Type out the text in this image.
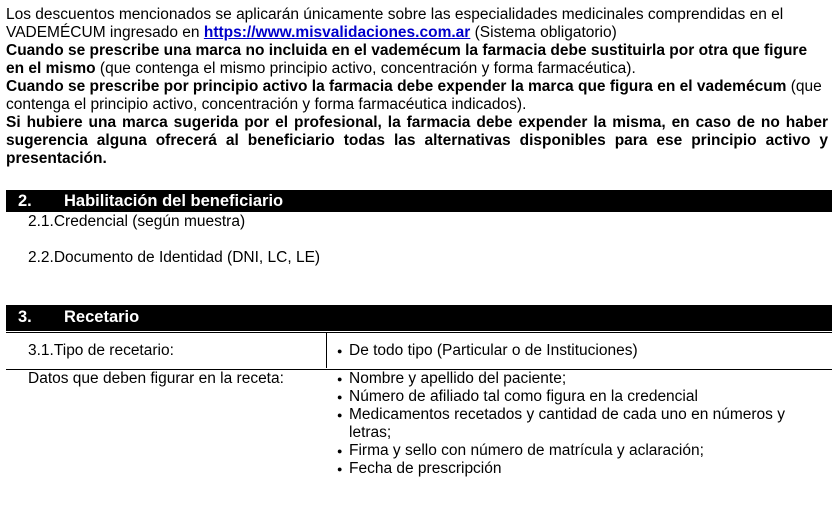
Los descuentos mencionados se aplicarán únicamente sobre las especialidades medicinales comprendidas en el VADEMÉCUM ingresado en https://www.misvalidaciones.com.ar (Sistema obligatorio)

Cuando se prescribe una marca no incluida en el vademécum la farmacia debe sustituirla por otra que figure en el mismo (que contenga el mismo principio activo, concentración y forma farmacéutica).

Cuando se prescribe por principio activo la farmacia debe expender la marca que figura en el vademécum (que contenga el principio activo, concentración y forma farmacéutica indicados).

Si hubiere una marca sugerida por el profesional, la farmacia debe expender la misma, en caso de no haber sugerencia alguna ofrecerá al beneficiario todas las alternativas disponibles para ese principio activo y presentación.

2. Habilitación del beneficiario
2.1.Credencial (según muestra)
2.2.Documento de Identidad (DNI, LC, LE)
3. Recetario
3.1.Tipo de recetario:	● De todo tipo (Particular o de Instituciones)
Datos que deben figurar en la receta:	● Nombre y apellido del paciente;
● Número de afiliado tal como figura en la credencial
● Medicamentos recetados y cantidad de cada uno en números y letras;
● Firma y sello con número de matrícula y aclaración;
● Fecha de prescripción
